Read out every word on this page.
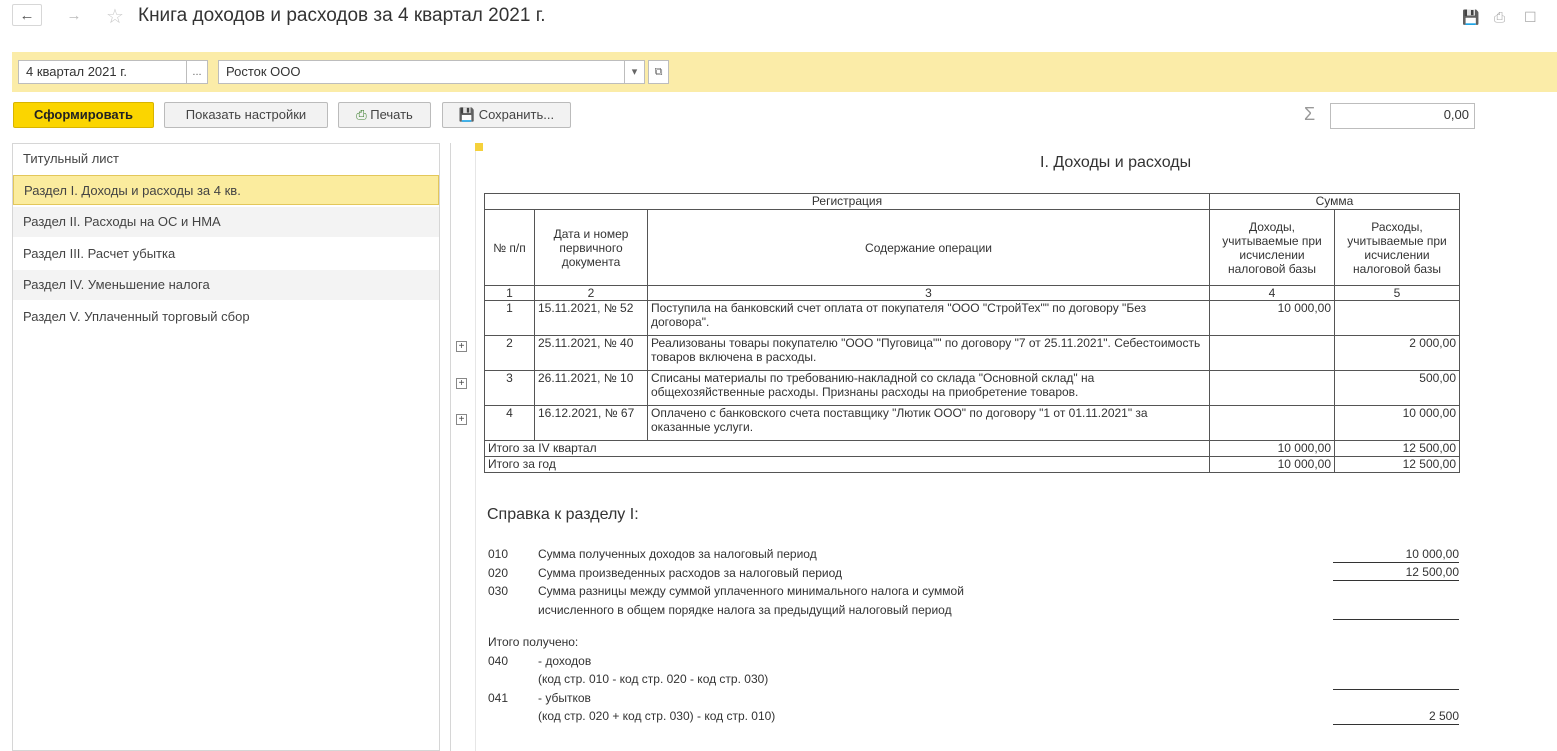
←	→	☆ Книга доходов и расходов за 4 квартал 2021 г.	💾 ⎙ ☐
4 квартал 2021 г.	...	Росток ООО	▾	⧉
Сформировать	Показать настройки	⎙ Печать	💾 Сохранить...	Σ	0,00
Титульный лист
Раздел I. Доходы и расходы за 4 кв.
Раздел II. Расходы на ОС и НМА
Раздел III. Расчет убытка
Раздел IV. Уменьшение налога
Раздел V. Уплаченный торговый сбор
+
+
+
I. Доходы и расходы
Регистрация			Сумма	
№ п/п	Дата и номер первичного документа	Содержание операции	Доходы, учитываемые при исчислении налоговой базы	Расходы, учитываемые при исчислении налоговой базы
1	2	3	4	5
1	15.11.2021, № 52	Поступила на банковский счет оплата от покупателя "ООО "СтройТех"" по договору "Без договора".	10 000,00	
2	25.11.2021, № 40	Реализованы товары покупателю "ООО "Пуговица"" по договору "7 от 25.11.2021". Себестоимость товаров включена в расходы.		2 000,00
3	26.11.2021, № 10	Списаны материалы по требованию-накладной со склада "Основной склад" на общехозяйственные расходы. Признаны расходы на приобретение товаров.		500,00
4	16.12.2021, № 67	Оплачено с банковского счета поставщику "Лютик ООО" по договору "1 от 01.11.2021" за оказанные услуги.		10 000,00
Итого за IV квартал			10 000,00	12 500,00
Итого за год			10 000,00	12 500,00
Справка к разделу I:
010 Сумма полученных доходов за налоговый период	10 000,00
020 Сумма произведенных расходов за налоговый период	12 500,00
030 Сумма разницы между суммой уплаченного минимального налога и суммой
исчисленного в общем порядке налога за предыдущий налоговый период
Итого получено:
040 - доходов
(код стр. 010 - код стр. 020 - код стр. 030)
041 - убытков
(код стр. 020 + код стр. 030) - код стр. 010)	2 500
